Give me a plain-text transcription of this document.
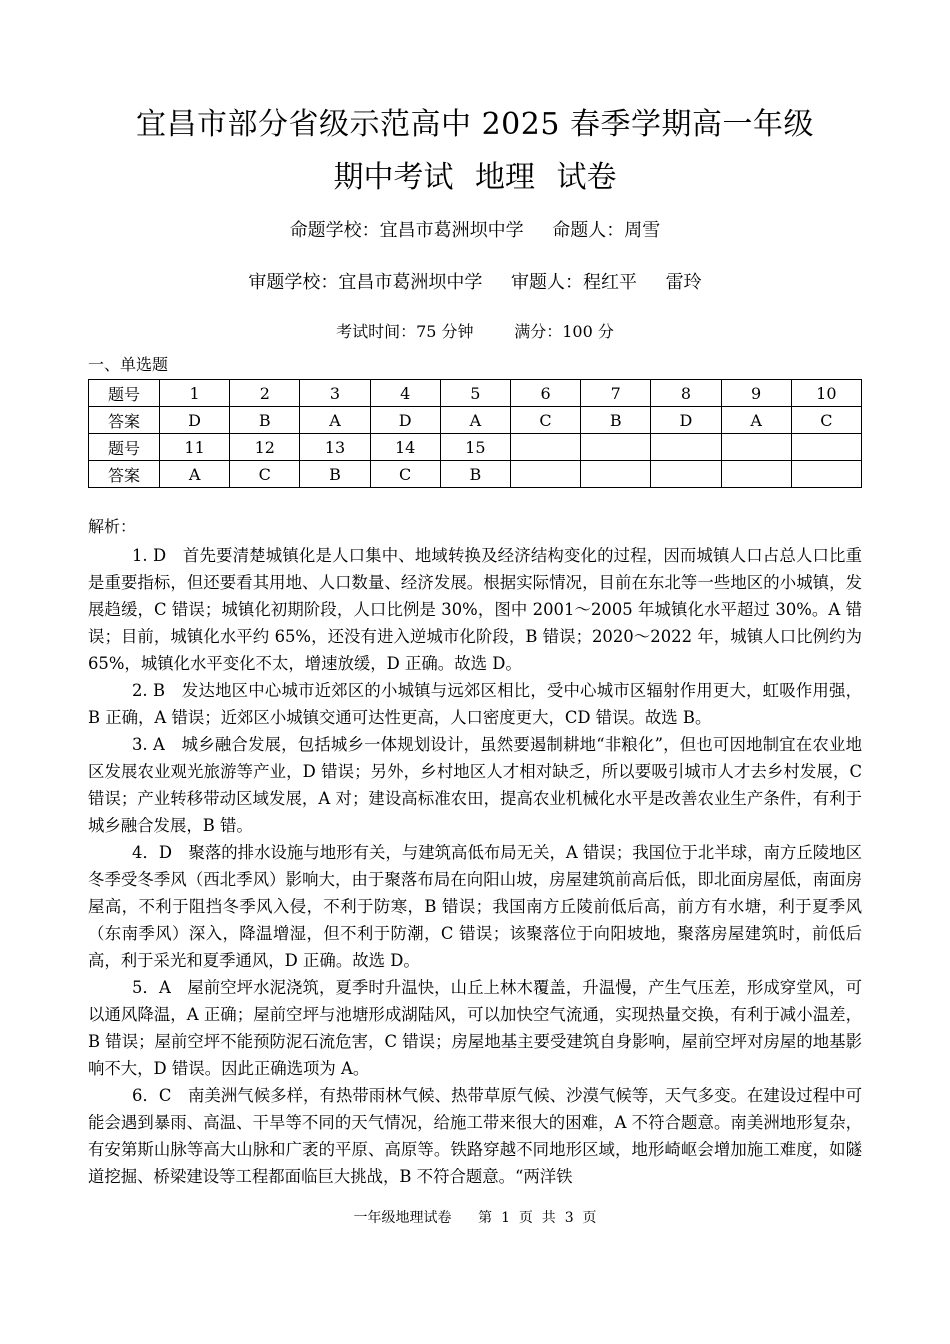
宜昌市部分省级示范高中 2025 春季学期高一年级
期中考试 地理 试卷
命题学校：宜昌市葛洲坝中学     命题人：周雪
审题学校：宜昌市葛洲坝中学     审题人：程红平     雷玲
考试时间：75 分钟        满分：100 分
一、单选题
题号	1	2	3	4	5	6	7	8	9	10
答案	D	B	A	D	A	C	B	D	A	C
题号	11	12	13	14	15					
答案	A	C	B	C	B					
解析：

1. D　首先要清楚城镇化是人口集中、地域转换及经济结构变化的过程，因而城镇人口占总人口比重是重要指标，但还要看其用地、人口数量、经济发展。根据实际情况，目前在东北等一些地区的小城镇，发展趋缓，C 错误；城镇化初期阶段，人口比例是 30%，图中 2001～2005 年城镇化水平超过 30%。A 错误；目前，城镇化水平约 65%，还没有进入逆城市化阶段，B 错误；2020～2022 年，城镇人口比例约为 65%，城镇化水平变化不太，增速放缓，D 正确。故选 D。

2. B　发达地区中心城市近郊区的小城镇与远郊区相比，受中心城市区辐射作用更大，虹吸作用强，B 正确，A 错误；近郊区小城镇交通可达性更高，人口密度更大，CD 错误。故选 B。

3. A　城乡融合发展，包括城乡一体规划设计，虽然要遏制耕地“非粮化”，但也可因地制宜在农业地区发展农业观光旅游等产业，D 错误；另外，乡村地区人才相对缺乏，所以要吸引城市人才去乡村发展，C 错误；产业转移带动区域发展，A 对；建设高标准农田，提高农业机械化水平是改善农业生产条件，有利于城乡融合发展，B 错。

4．D　聚落的排水设施与地形有关，与建筑高低布局无关，A 错误；我国位于北半球，南方丘陵地区冬季受冬季风（西北季风）影响大，由于聚落布局在向阳山坡，房屋建筑前高后低，即北面房屋低，南面房屋高，不利于阻挡冬季风入侵，不利于防寒，B 错误；我国南方丘陵前低后高，前方有水塘，利于夏季风（东南季风）深入，降温增湿，但不利于防潮，C 错误；该聚落位于向阳坡地，聚落房屋建筑时，前低后高，利于采光和夏季通风，D 正确。故选 D。

5．A　屋前空坪水泥浇筑，夏季时升温快，山丘上林木覆盖，升温慢，产生气压差，形成穿堂风，可以通风降温，A 正确；屋前空坪与池塘形成湖陆风，可以加快空气流通，实现热量交换，有利于减小温差，B 错误；屋前空坪不能预防泥石流危害，C 错误；房屋地基主要受建筑自身影响，屋前空坪对房屋的地基影响不大，D 错误。因此正确选项为 A。

6．C　南美洲气候多样，有热带雨林气候、热带草原气候、沙漠气候等，天气多变。在建设过程中可能会遇到暴雨、高温、干旱等不同的天气情况，给施工带来很大的困难，A 不符合题意。南美洲地形复杂，有安第斯山脉等高大山脉和广袤的平原、高原等。铁路穿越不同地形区域，地形崎岖会增加施工难度，如隧道挖掘、桥梁建设等工程都面临巨大挑战，B 不符合题意。“两洋铁

一年级地理试卷      第  1  页  共  3  页
